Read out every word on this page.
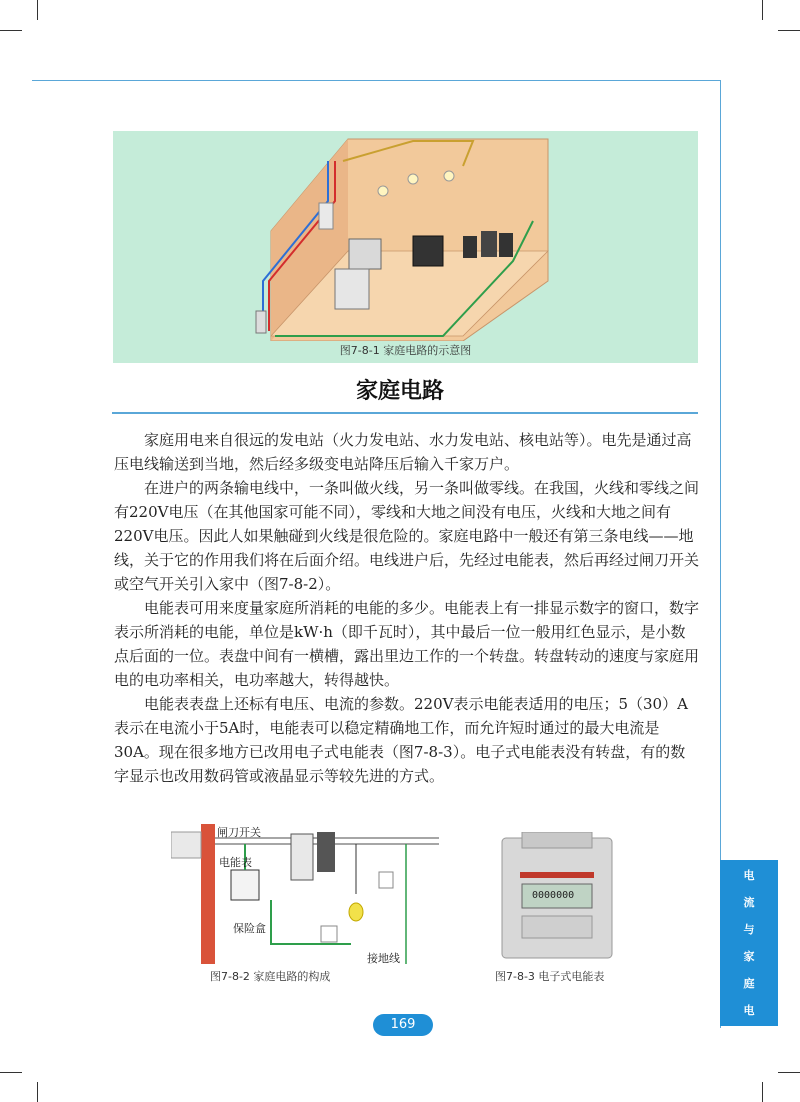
图7-8-1 家庭电路的示意图
家庭电路

家庭用电来自很远的发电站（火力发电站、水力发电站、核电站等）。电先是通过高压电线输送到当地，然后经多级变电站降压后输入千家万户。

在进户的两条输电线中，一条叫做火线，另一条叫做零线。在我国，火线和零线之间有220V电压（在其他国家可能不同），零线和大地之间没有电压，火线和大地之间有220V电压。因此人如果触碰到火线是很危险的。家庭电路中一般还有第三条电线——地线，关于它的作用我们将在后面介绍。电线进户后，先经过电能表，然后再经过闸刀开关或空气开关引入家中（图7-8-2）。

电能表可用来度量家庭所消耗的电能的多少。电能表上有一排显示数字的窗口，数字表示所消耗的电能，单位是kW·h（即千瓦时），其中最后一位一般用红色显示，是小数点后面的一位。表盘中间有一横槽，露出里边工作的一个转盘。转盘转动的速度与家庭用电的电功率相关，电功率越大，转得越快。

电能表表盘上还标有电压、电流的参数。220V表示电能表适用的电压；5（30）A表示在电流小于5A时，电能表可以稳定精确地工作，而允许短时通过的最大电流是30A。现在很多地方已改用电子式电能表（图7-8-3）。电子式电能表没有转盘，有的数字显示也改用数码管或液晶显示等较先进的方式。

闸刀开关
电能表
保险盒
接地线
图7-8-2 家庭电路的构成
0000000
图7-8-3 电子式电能表
电
流
与
家
庭
电
路
169
